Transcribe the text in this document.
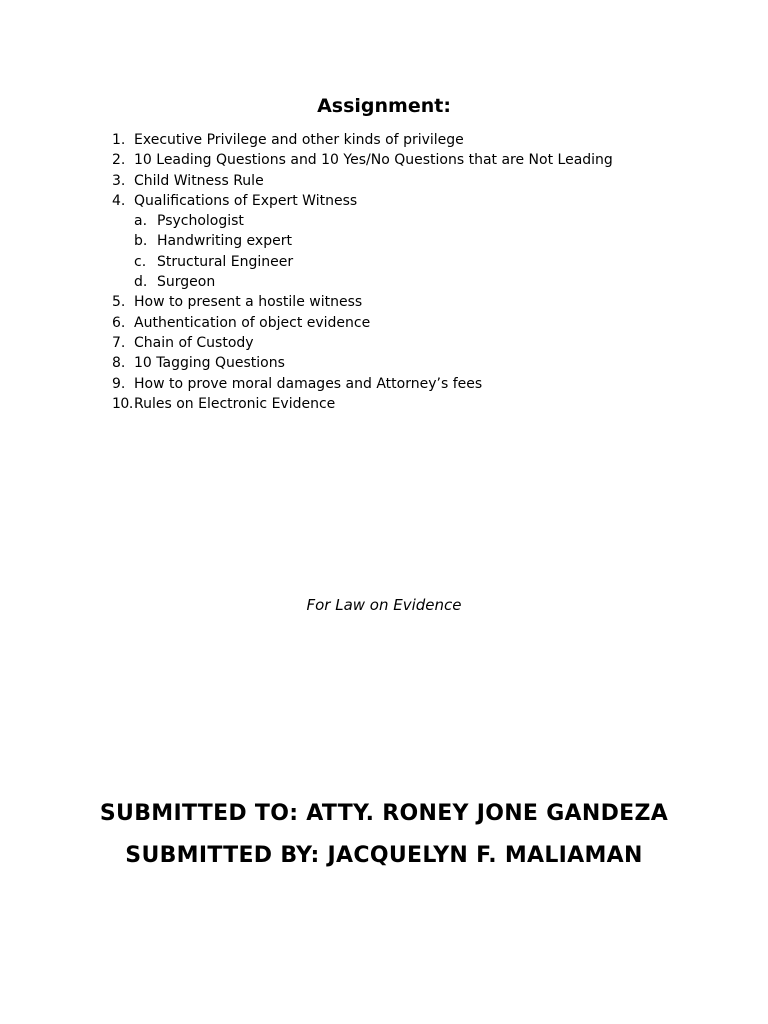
Assignment:
1. Executive Privilege and other kinds of privilege
2. 10 Leading Questions and 10 Yes/No Questions that are Not Leading
3. Child Witness Rule
4. Qualifications of Expert Witness
a. Psychologist
b. Handwriting expert
c. Structural Engineer
d. Surgeon
5. How to present a hostile witness
6. Authentication of object evidence
7. Chain of Custody
8. 10 Tagging Questions
9. How to prove moral damages and Attorney’s fees
10.Rules on Electronic Evidence
For Law on Evidence
SUBMITTED TO: ATTY. RONEY JONE GANDEZA
SUBMITTED BY: JACQUELYN F. MALIAMAN
